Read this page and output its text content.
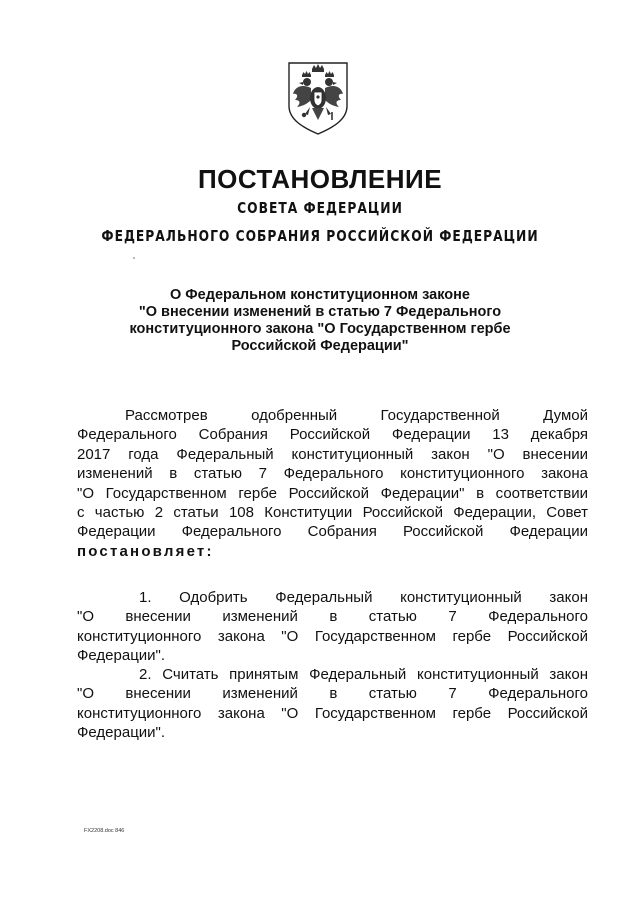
ПОСТАНОВЛЕНИЕ
СОВЕТА ФЕДЕРАЦИИ
ФЕДЕРАЛЬНОГО СОБРАНИЯ РОССИЙСКОЙ ФЕДЕРАЦИИ
О Федеральном конституционном законе
"О внесении изменений в статью 7 Федерального
конституционного закона "О Государственном гербе
Российской Федерации"
Рассмотрев одобренный Государственной Думой
Федерального Собрания Российской Федерации 13 декабря
2017 года Федеральный конституционный закон "О внесении
изменений в статью 7 Федерального конституционного закона
"О Государственном гербе Российской Федерации" в соответствии
с частью 2 статьи 108 Конституции Российской Федерации, Совет
Федерации Федерального Собрания Российской Федерации
постановляет:
1. Одобрить Федеральный конституционный закон
"О внесении изменений в статью 7 Федерального
конституционного закона "О Государственном гербе Российской
Федерации".
2. Считать принятым Федеральный конституционный закон
"О внесении изменений в статью 7 Федерального
конституционного закона "О Государственном гербе Российской
Федерации".
FX2208.doc 846
